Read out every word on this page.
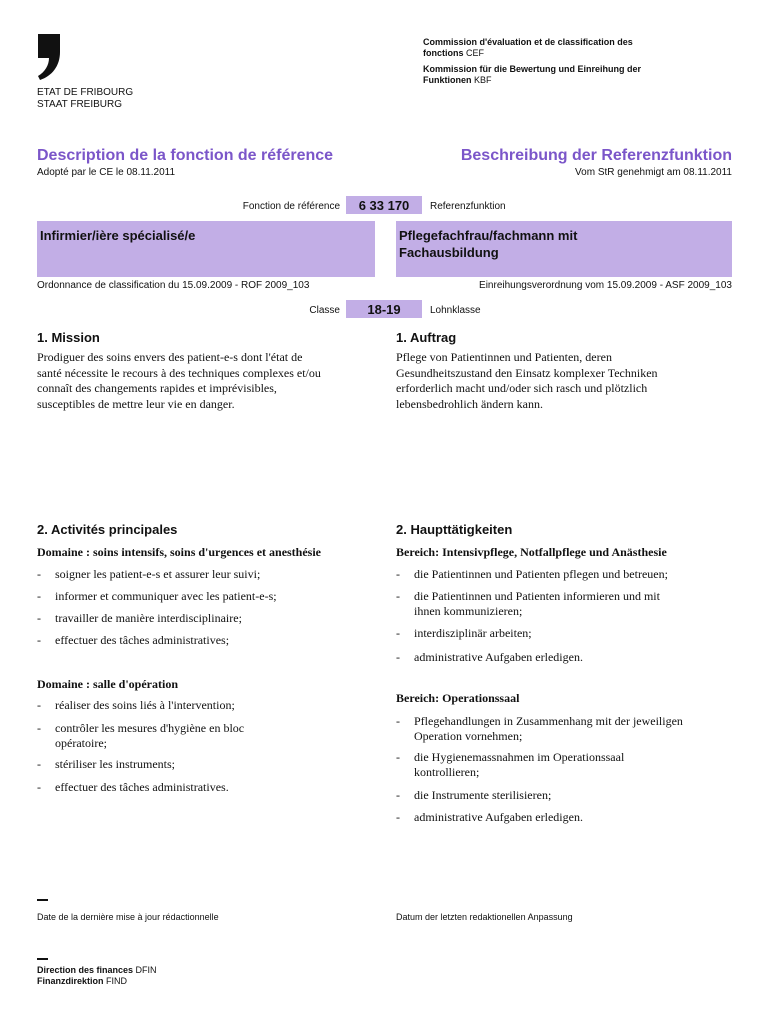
ETAT DE FRIBOURG
STAAT FREIBURG
Commission d'évaluation et de classification des
fonctions CEF
Kommission für die Bewertung und Einreihung der
Funktionen KBF
Description de la fonction de référence	Beschreibung der Referenzfunktion
Adopté par le CE le 08.11.2011	Vom StR genehmigt am 08.11.2011
Fonction de référence	6 33 170	Referenzfunktion
Infirmier/ière spécialisé/e	Pflegefachfrau/fachmann mit
Fachausbildung
Ordonnance de classification du 15.09.2009 - ROF 2009_103	Einreihungsverordnung vom 15.09.2009 - ASF 2009_103
Classe	18-19	Lohnklasse
1. Mission	1. Auftrag
Prodiguer des soins envers des patient-e-s dont l'état de
santé nécessite le recours à des techniques complexes et/ou
connaît des changements rapides et imprévisibles,
susceptibles de mettre leur vie en danger.
Pflege von Patientinnen und Patienten, deren
Gesundheitszustand den Einsatz komplexer Techniken
erforderlich macht und/oder sich rasch und plötzlich
lebensbedrohlich ändern kann.
2. Activités principales	2. Haupttätigkeiten
Domaine : soins intensifs, soins d'urgences et anesthésie	Bereich: Intensivpflege, Notfallpflege und Anästhesie
- soigner les patient-e-s et assurer leur suivi;
- informer et communiquer avec les patient-e-s;
- travailler de manière interdisciplinaire;
- effectuer des tâches administratives;
- die Patientinnen und Patienten pflegen und betreuen;
- die Patientinnen und Patienten informieren und mit
ihnen kommunizieren;
- interdisziplinär arbeiten;
- administrative Aufgaben erledigen.
Domaine : salle d'opération
Bereich: Operationssaal
- réaliser des soins liés à l'intervention;
- contrôler les mesures d'hygiène en bloc
opératoire;
- stériliser les instruments;
- effectuer des tâches administratives.
- Pflegehandlungen in Zusammenhang mit der jeweiligen
Operation vornehmen;
- die Hygienemassnahmen im Operationssaal
kontrollieren;
- die Instrumente sterilisieren;
- administrative Aufgaben erledigen.
Date de la dernière mise à jour rédactionnelle	Datum der letzten redaktionellen Anpassung
Direction des finances DFIN
Finanzdirektion FIND
